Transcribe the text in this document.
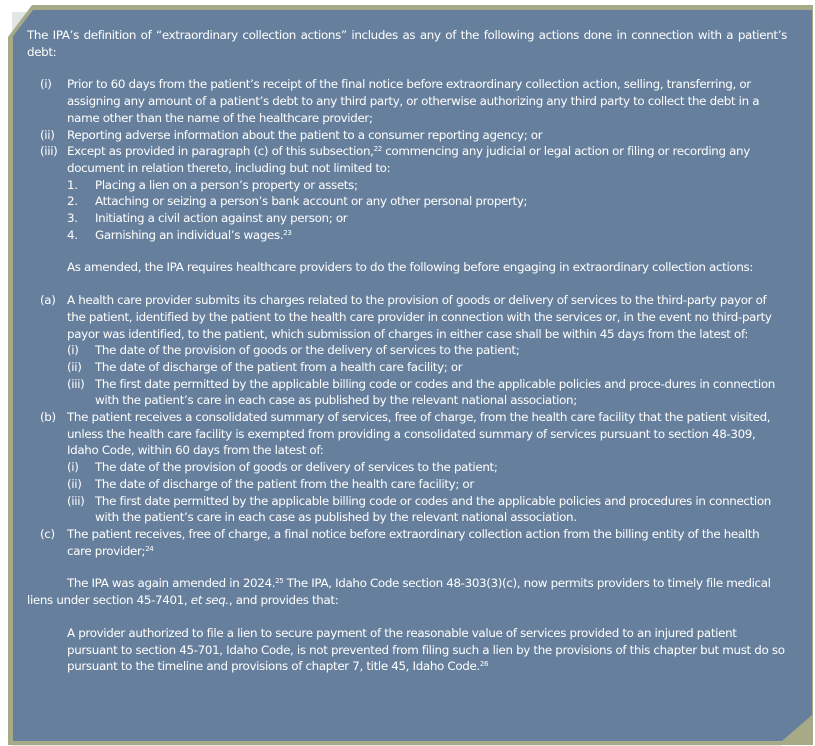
The IPA’s definition of “extraordinary collection actions” includes as any of the following actions done in connection with a patient’s debt:

(i)	Prior to 60 days from the patient’s receipt of the final notice before extraordinary collection action, selling, transferring, or assigning any amount of a patient’s debt to any third party, or otherwise authorizing any third party to collect the debt in a name other than the name of the healthcare provider;
(ii)	Reporting adverse information about the patient to a consumer reporting agency; or
(iii) Except as provided in paragraph (c) of this subsection,$^{22}$ commencing any judicial or legal action or filing or recording any document in relation thereto, including but not limited to:
1.	Placing a lien on a person’s property or assets;
2.	Attaching or seizing a person’s bank account or any other personal property;
3.	Initiating a civil action against any person; or
4.	Garnishing an individual’s wages.$^{23}$

As amended, the IPA requires healthcare providers to do the following before engaging in extraordinary collection actions:

(a) A health care provider submits its charges related to the provision of goods or delivery of services to the third-party payor of the patient, identified by the patient to the health care provider in connection with the services or, in the event no third-party payor was identified, to the patient, which submission of charges in either case shall be within 45 days from the latest of:
(i)	The date of the provision of goods or the delivery of services to the patient;
(ii)	The date of discharge of the patient from a health care facility; or
(iii) The first date permitted by the applicable billing code or codes and the applicable policies and proce-dures in connection with the patient’s care in each case as published by the relevant national association;
(b) The patient receives a consolidated summary of services, free of charge, from the health care facility that the patient visited, unless the health care facility is exempted from providing a consolidated summary of services pursuant to section 48-309, Idaho Code, within 60 days from the latest of:
(i)	The date of the provision of goods or delivery of services to the patient;
(ii)	The date of discharge of the patient from the health care facility; or
(iii) The first date permitted by the applicable billing code or codes and the applicable policies and procedures in connection with the patient’s care in each case as published by the relevant national association.
(c)	The patient receives, free of charge, a final notice before extraordinary collection action from the billing entity of the health care provider;$^{24}$

The IPA was again amended in 2024.25 The IPA, Idaho Code section 48-303(3)(c), now permits providers to timely file medical liens under section 45-7401, et seq., and provides that:

A provider authorized to file a lien to secure payment of the reasonable value of services provided to an injured patient pursuant to section 45-701, Idaho Code, is not prevented from filing such a lien by the provisions of this chapter but must do so pursuant to the timeline and provisions of chapter 7, title 45, Idaho Code.$^{26}$
